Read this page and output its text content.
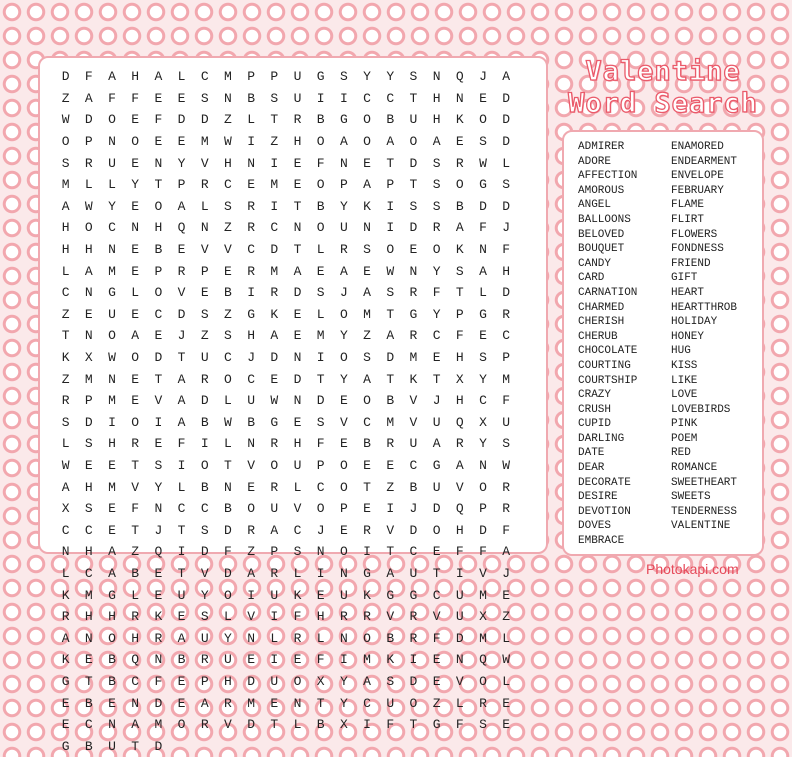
Valentine
Word Search
D	F	A	H	A	L	C	M	P	P	U	G	S	Y	Y	S	N	Q	J	A
Z	A	F	F	E	E	S	N	B	S	U	I	I	C	C	T	H	N	E	D
W	D	O	E	F	D	D	Z	L	T	R	B	G	O	B	U	H	K	O	D
O	P	N	O	E	E	M	W	I	Z	H	O	A	O	A	O	A	E	S	D
S	R	U	E	N	Y	V	H	N	I	E	F	N	E	T	D	S	R	W	L
M	L	L	Y	T	P	R	C	E	M	E	O	P	A	P	T	S	O	G	S
A	W	Y	E	O	A	L	S	R	I	T	B	Y	K	I	S	S	B	D	D
H	O	C	N	H	Q	N	Z	R	C	N	O	U	N	I	D	R	A	F	J
H	H	N	E	B	E	V	V	C	D	T	L	R	S	O	E	O	K	N	F
L	A	M	E	P	R	P	E	R	M	A	E	A	E	W	N	Y	S	A	H
C	N	G	L	O	V	E	B	I	R	D	S	J	A	S	R	F	T	L	D
Z	E	U	E	C	D	S	Z	G	K	E	L	O	M	T	G	Y	P	G	R
T	N	O	A	E	J	Z	S	H	A	E	M	Y	Z	A	R	C	F	E	C
K	X	W	O	D	T	U	C	J	D	N	I	O	S	D	M	E	H	S	P
Z	M	N	E	T	A	R	O	C	E	D	T	Y	A	T	K	T	X	Y	M
R	P	M	E	V	A	D	L	U	W	N	D	E	O	B	V	J	H	C	F
S	D	I	O	I	A	B	W	B	G	E	S	V	C	M	V	U	Q	X	U
L	S	H	R	E	F	I	L	N	R	H	F	E	B	R	U	A	R	Y	S
W	E	E	T	S	I	O	T	V	O	U	P	O	E	E	C	G	A	N	W
A	H	M	V	Y	L	B	N	E	R	L	C	O	T	Z	B	U	V	O	R
X	S	E	F	N	C	C	B	O	U	V	O	P	E	I	J	D	Q	P	R
C	C	E	T	J	T	S	D	R	A	C	J	E	R	V	D	O	H	D	F
N	H	A	Z	Q	I	D	F	Z	P	S	N	O	I	T	C	E	F	F	A
L	C	A	B	E	T	V	D	A	R	L	I	N	G	A	U	T	I	V	J
K	M	G	L	E	U	Y	O	I	U	K	E	U	K	G	G	C	U	M	E
R	H	H	R	K	E	S	L	V	I	F	H	R	R	V	R	V	U	X	Z
A	N	O	H	R	A	U	Y	N	L	R	L	N	O	B	R	F	D	M	L
K	E	B	Q	N	B	R	U	E	I	E	F	I	M	K	I	E	N	Q	W
G	T	B	C	F	E	P	H	D	U	O	X	Y	A	S	D	E	V	O	L
E	B	E	N	D	E	A	R	M	E	N	T	Y	C	U	O	Z	L	R	E
E	C	N	A	M	O	R	V	D	T	L	B	X	I	F	T	G	F	S	E
G	B	U	T	D
ADMIRER
ADORE
AFFECTION
AMOROUS
ANGEL
BALLOONS
BELOVED
BOUQUET
CANDY
CARD
CARNATION
CHARMED
CHERISH
CHERUB
CHOCOLATE
COURTING
COURTSHIP
CRAZY
CRUSH
CUPID
DARLING
DATE
DEAR
DECORATE
DESIRE
DEVOTION
DOVES
EMBRACE
ENAMORED
ENDEARMENT
ENVELOPE
FEBRUARY
FLAME
FLIRT
FLOWERS
FONDNESS
FRIEND
GIFT
HEART
HEARTTHROB
HOLIDAY
HONEY
HUG
KISS
LIKE
LOVE
LOVEBIRDS
PINK
POEM
RED
ROMANCE
SWEETHEART
SWEETS
TENDERNESS
VALENTINE
Photokapi.com
